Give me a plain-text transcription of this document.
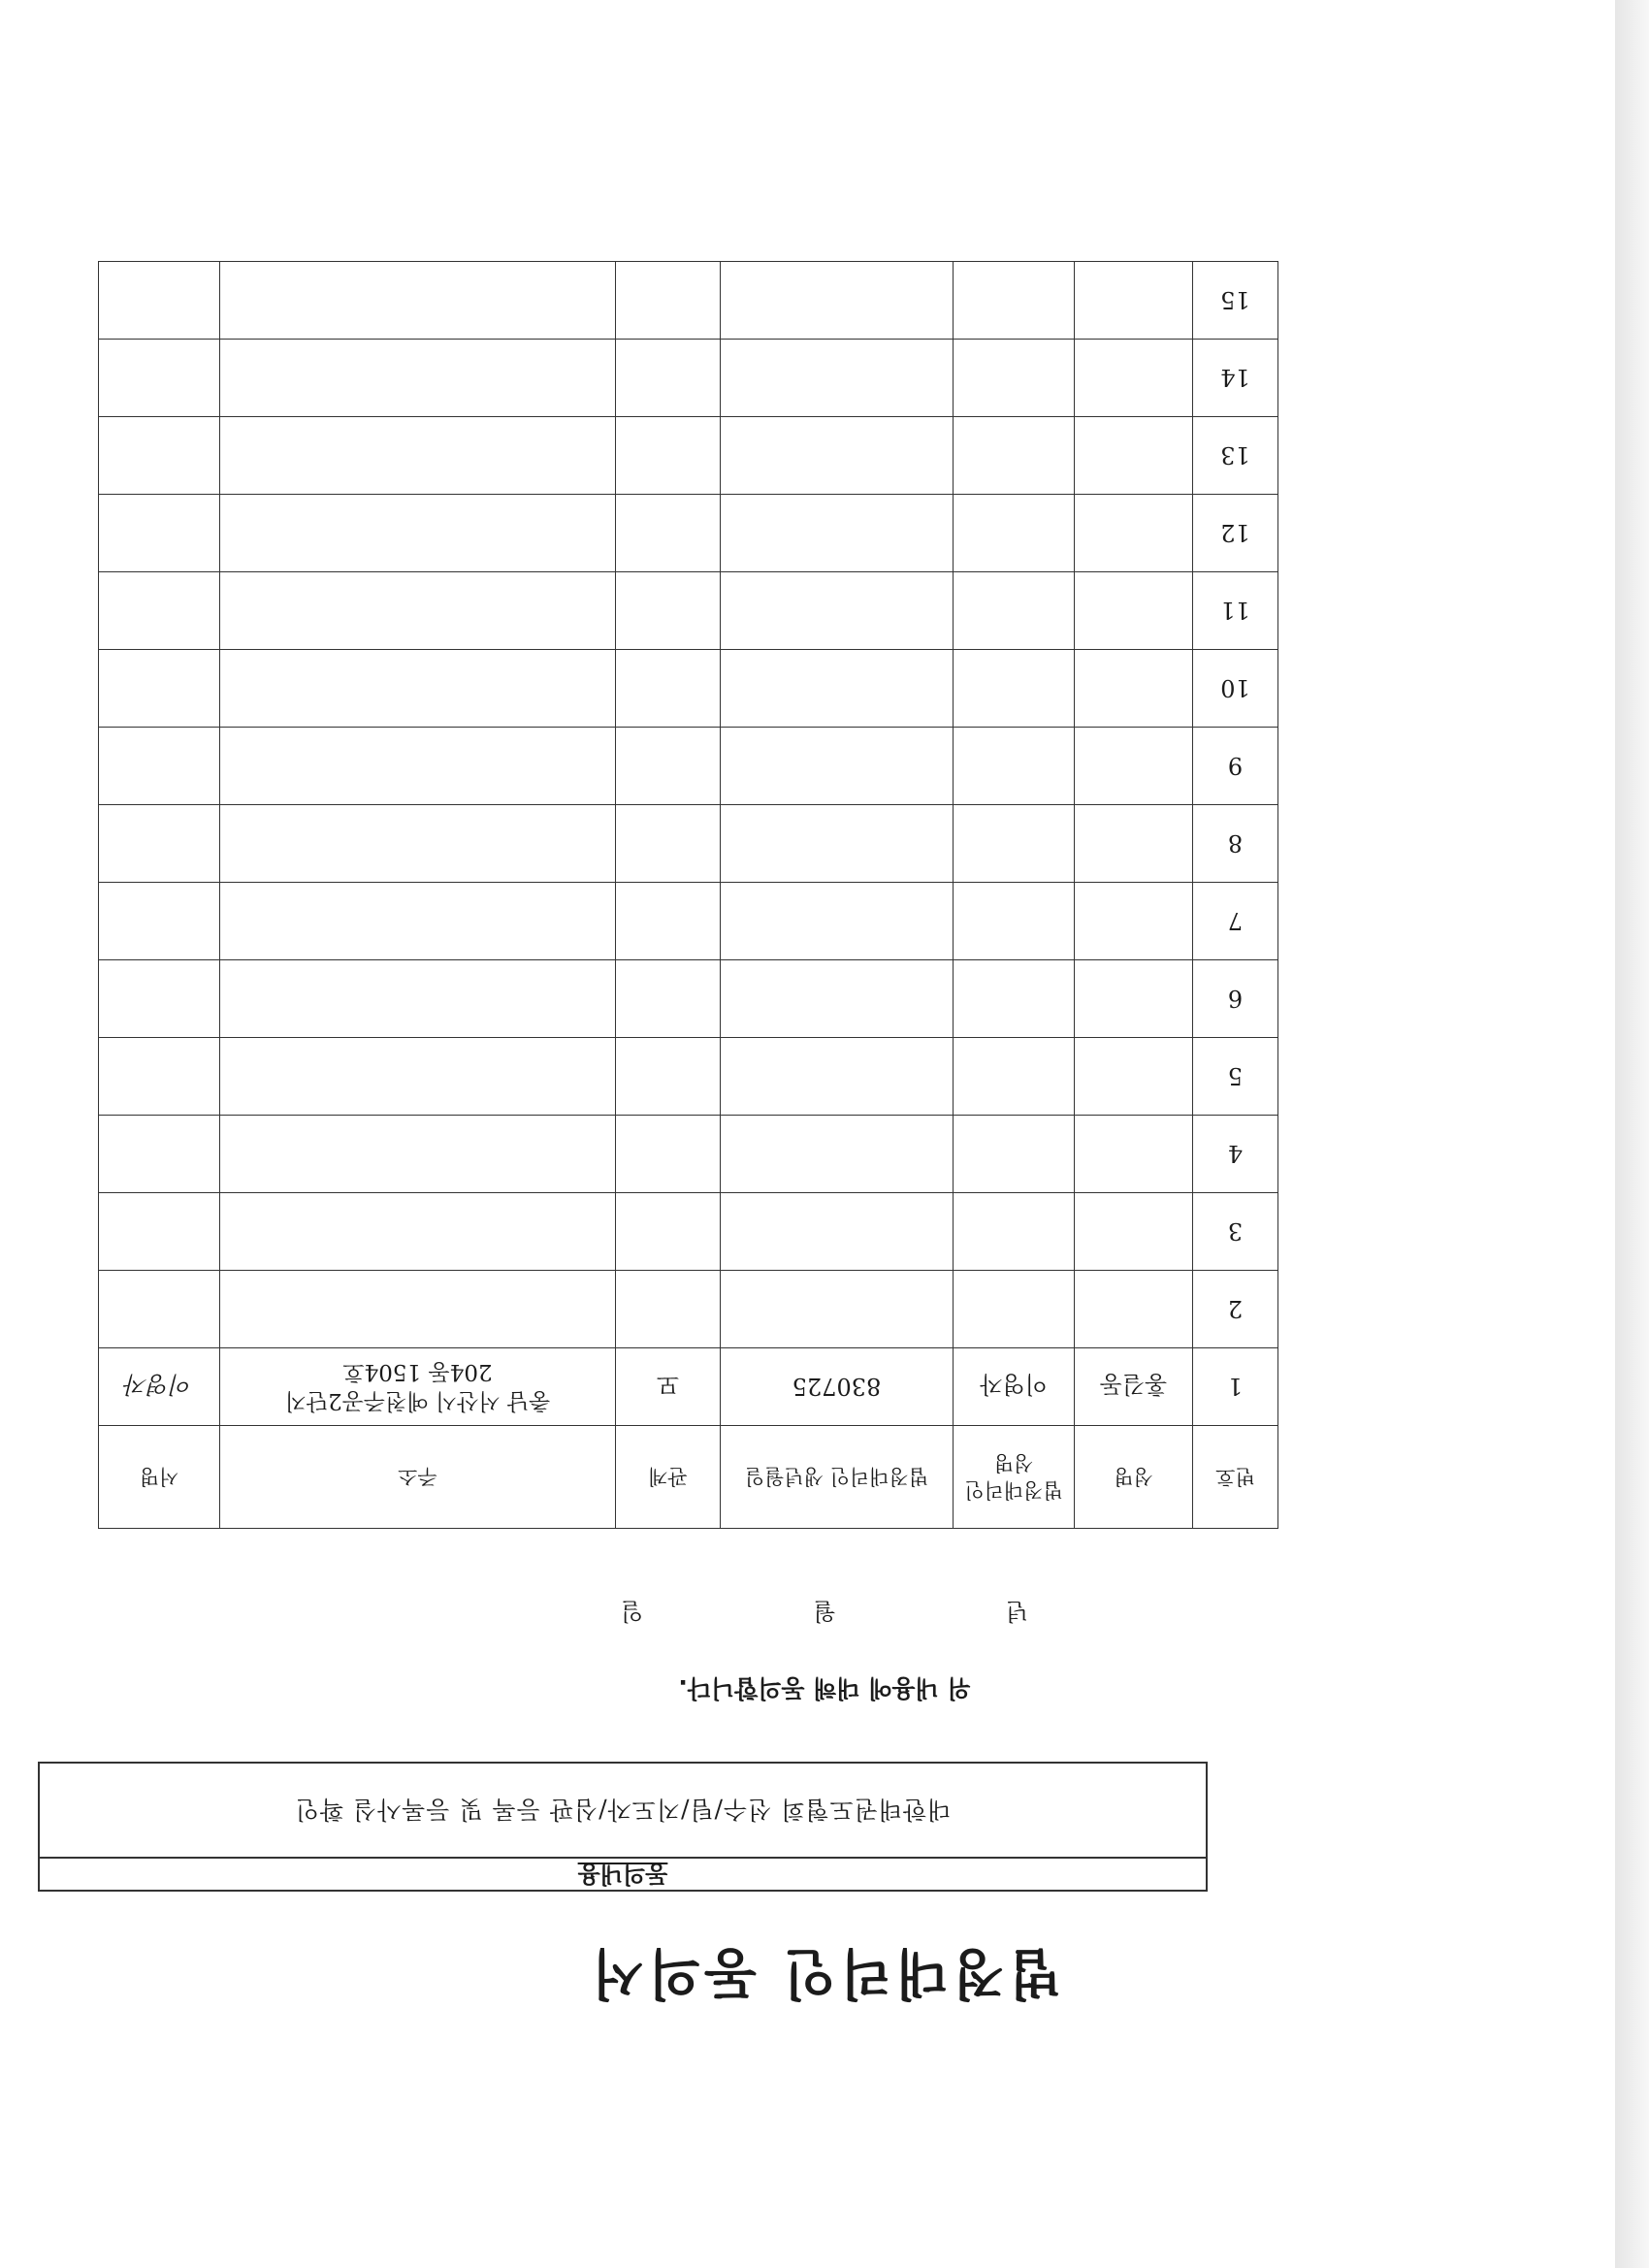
법정대리인 동의서
동의내용
대한태권도협회 선수/팀/지도자/심판 등록 및 등록사실 확인
위 내용에 대해 동의합니다.
년  월  일
번호	성명	법정대리인 성명	법정대리인 생년월일	관계	주소	서명
1	홍길동	이영자	830725	모	충남 서산시 예천주공2단지
204동 1504호	이영자
2					

3					

4					

5					

6					

7					

8					

9					

10					

11					

12					

13					

14					

15					
